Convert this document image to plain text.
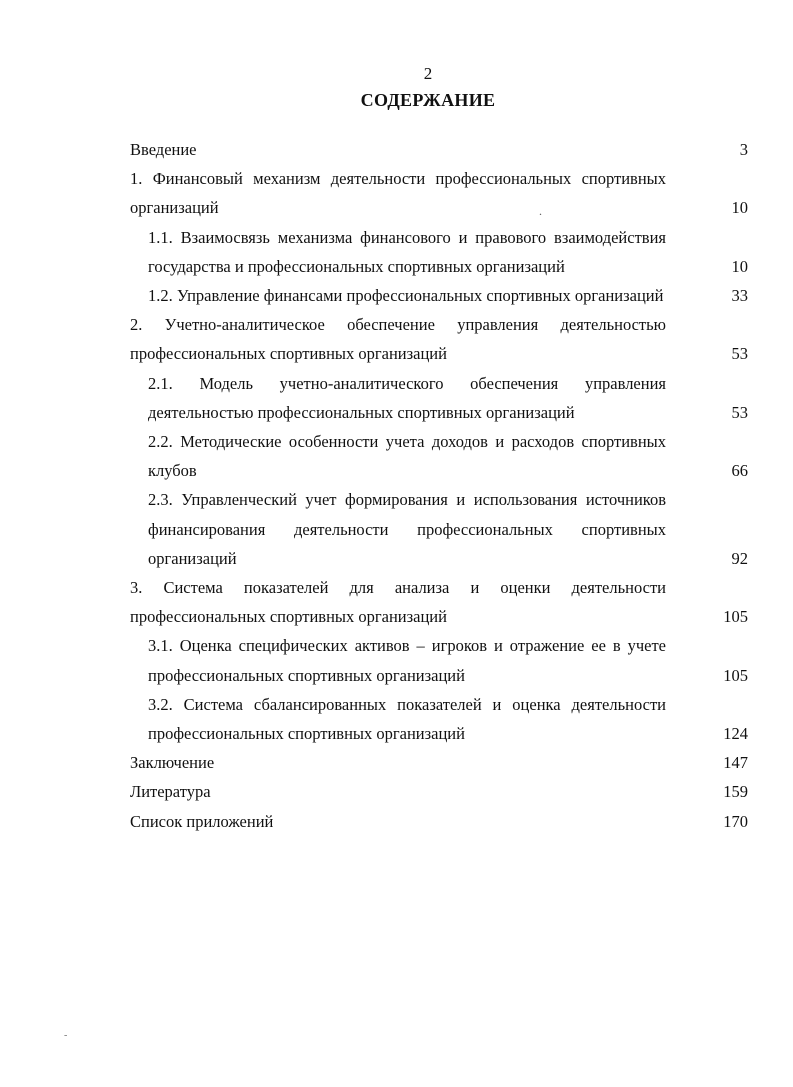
2
СОДЕРЖАНИЕ
Введение	3
1. Финансовый механизм деятельности профессиональных спортивных организаций	10
1.1. Взаимосвязь механизма финансового и правового взаимодействия государства и профессиональных спортивных организаций	10
1.2. Управление финансами профессиональных спортивных организаций	33
2. Учетно-аналитическое обеспечение управления деятельностью профессиональных спортивных организаций	53
2.1. Модель учетно-аналитического обеспечения управления деятельностью профессиональных спортивных организаций	53
2.2. Методические особенности учета доходов и расходов спортивных клубов	66
2.3. Управленческий учет формирования и использования источников финансирования деятельности профессиональных спортивных организаций	92
3. Система показателей для анализа и оценки деятельности профессиональных спортивных организаций	105
3.1. Оценка специфических активов – игроков и отражение ее в учете профессиональных спортивных организаций	105
3.2. Система сбалансированных показателей и оценка деятельности профессиональных спортивных организаций	124
Заключение	147
Литература	159
Список приложений	170
.
-
